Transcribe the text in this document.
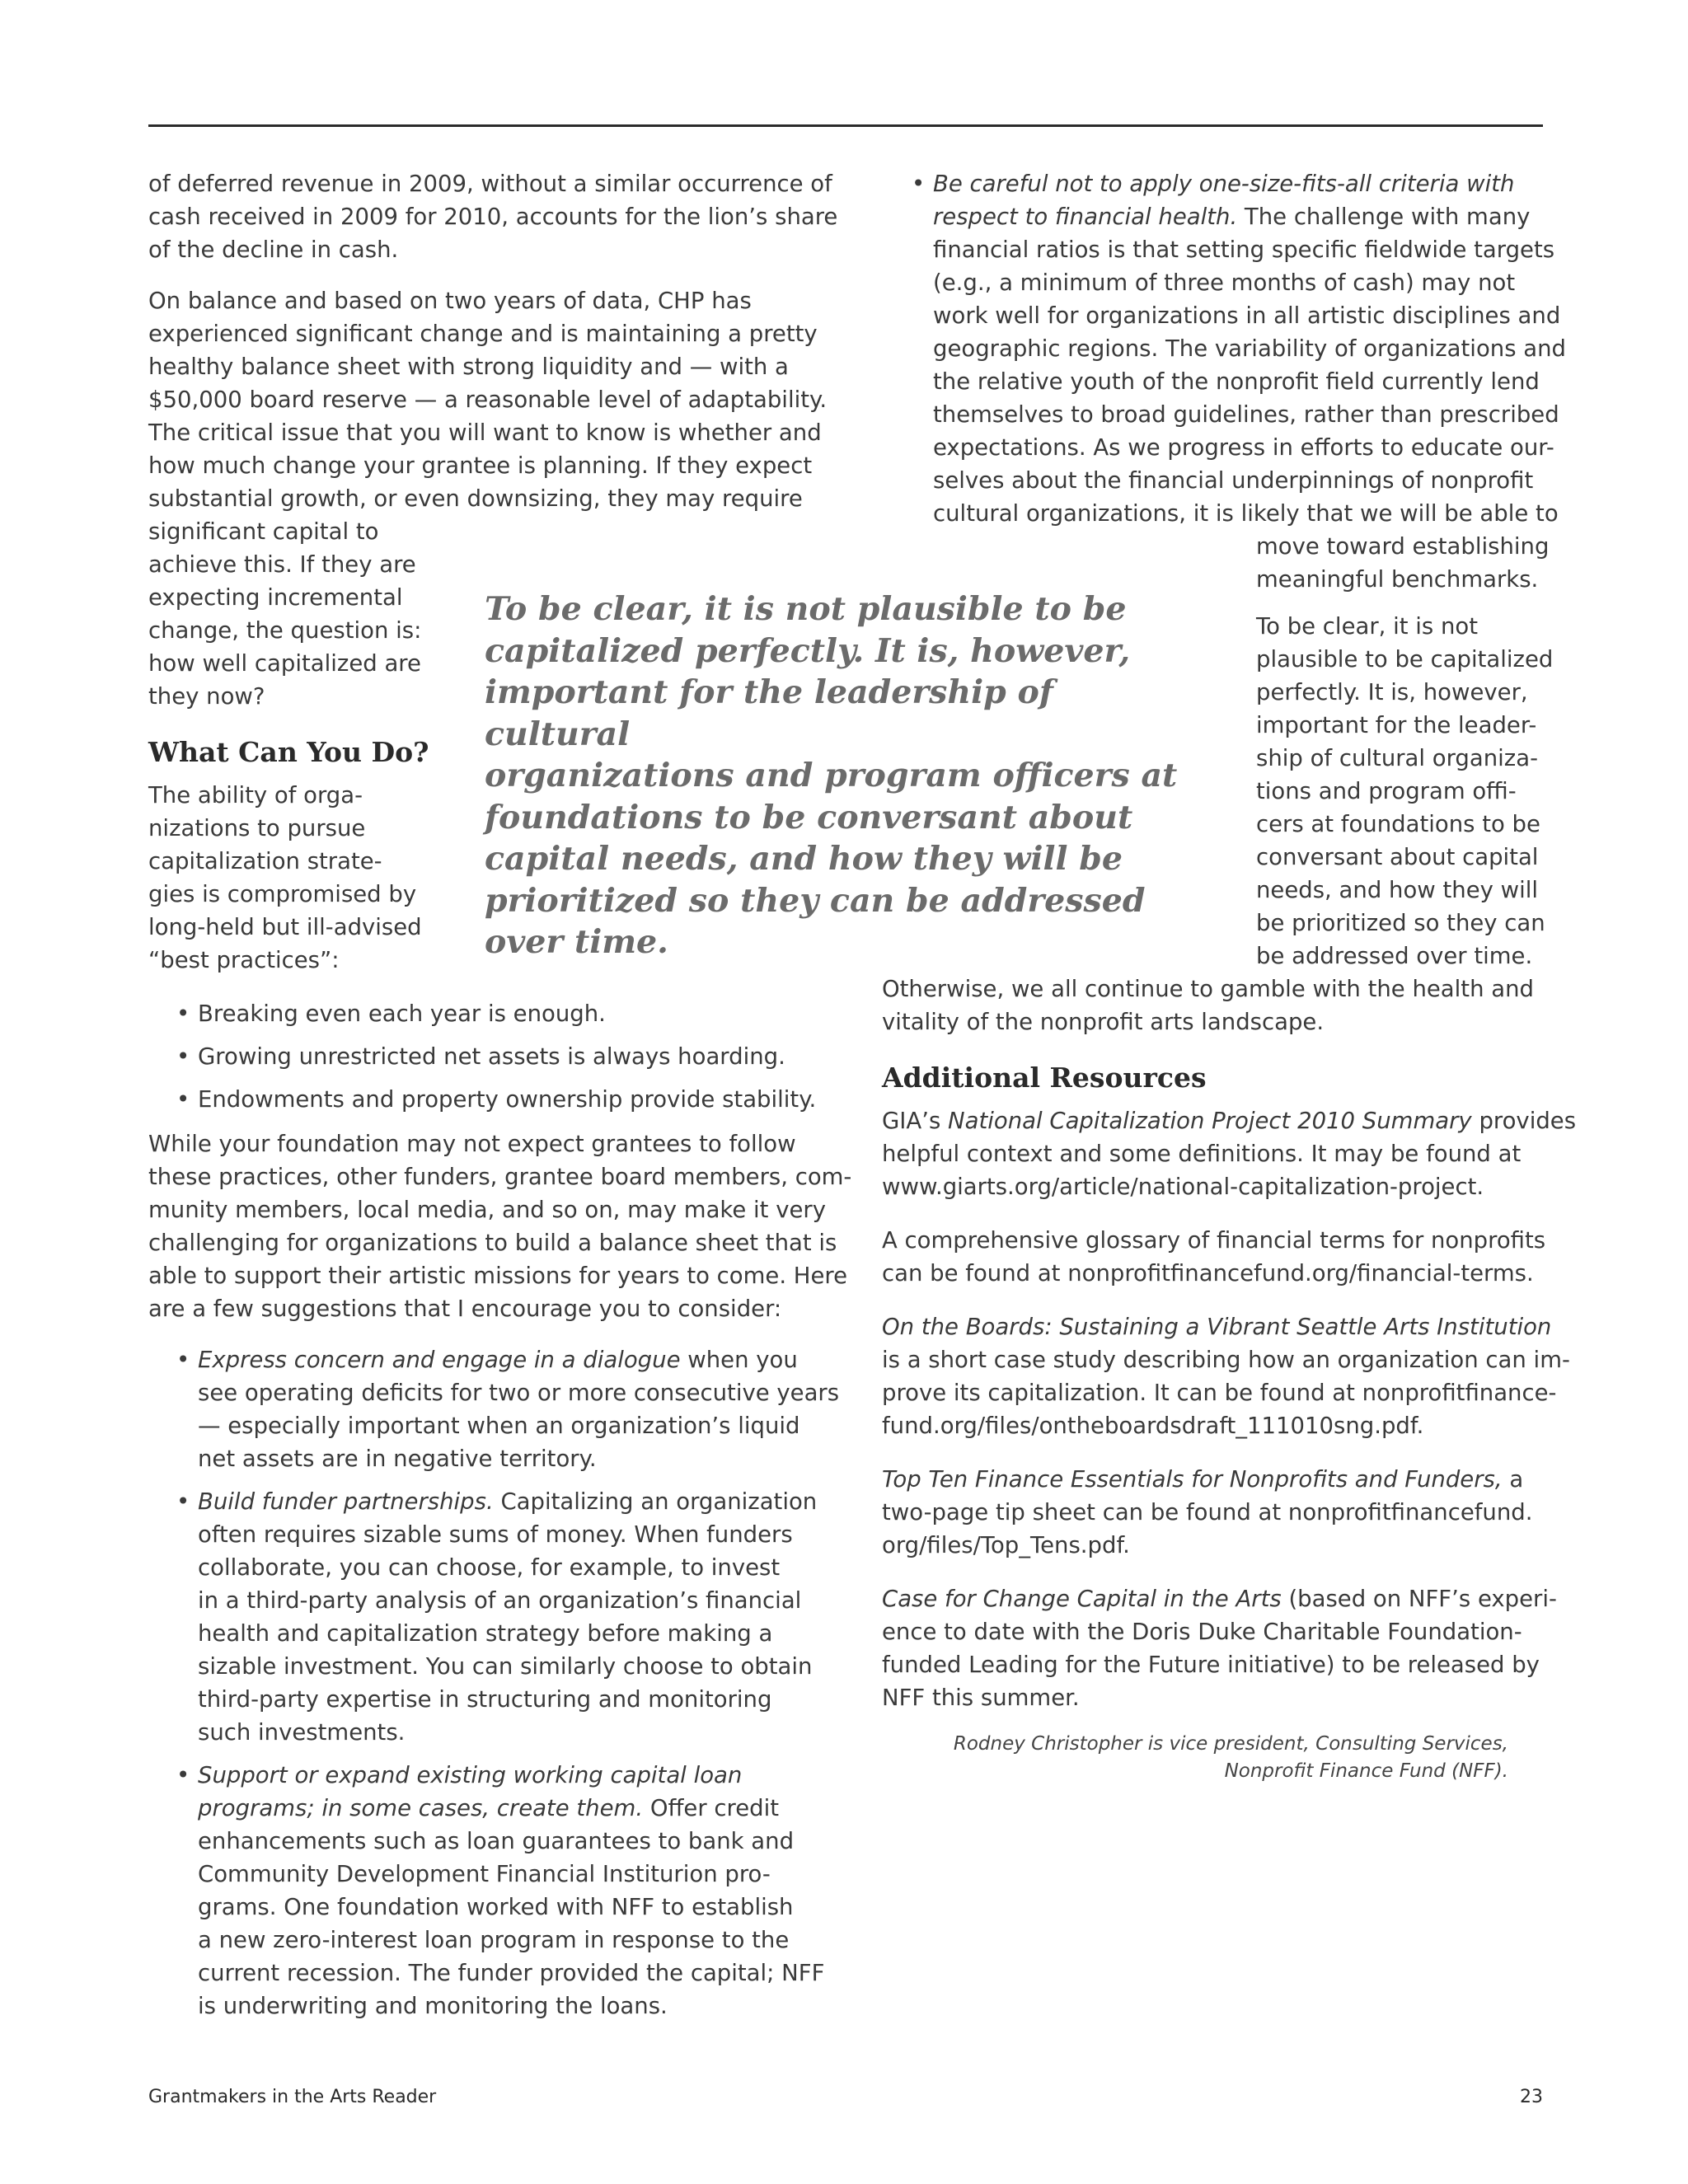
of deferred revenue in 2009, without a similar occurrence of
cash received in 2009 for 2010, accounts for the lion’s share
of the decline in cash.
On balance and based on two years of data, CHP has
experienced significant change and is maintaining a pretty
healthy balance sheet with strong liquidity and — with a
$50,000 board reserve — a reasonable level of adaptability.
The critical issue that you will want to know is whether and
how much change your grantee is planning. If they expect
substantial growth, or even downsizing, they may require
significant capital to
achieve this. If they are
expecting incremental
change, the question is:
how well capitalized are
they now?
What Can You Do?
The ability of orga-
nizations to pursue
capitalization strate-
gies is compromised by
long-held but ill-advised
“best practices”:
• Breaking even each year is enough.
• Growing unrestricted net assets is always hoarding.
• Endowments and property ownership provide stability.
While your foundation may not expect grantees to follow
these practices, other funders, grantee board members, com-
munity members, local media, and so on, may make it very
challenging for organizations to build a balance sheet that is
able to support their artistic missions for years to come. Here
are a few suggestions that I encourage you to consider:
• Express concern and engage in a dialogue when you
see operating deficits for two or more consecutive years
— especially important when an organization’s liquid
net assets are in negative territory.
• Build funder partnerships. Capitalizing an organization
often requires sizable sums of money. When funders
collaborate, you can choose, for example, to invest
in a third-party analysis of an organization’s financial
health and capitalization strategy before making a
sizable investment. You can similarly choose to obtain
third-party expertise in structuring and monitoring
such investments.
• Support or expand existing working capital loan
programs; in some cases, create them. Offer credit
enhancements such as loan guarantees to bank and
Community Development Financial Institurion pro-
grams. One foundation worked with NFF to establish
a new zero-interest loan program in response to the
current recession. The funder provided the capital; NFF
is underwriting and monitoring the loans.
To be clear, it is not plausible to be
capitalized perfectly. It is, however,
important for the leadership of cultural
organizations and program officers at
foundations to be conversant about
capital needs, and how they will be
prioritized so they can be addressed
over time.
• Be careful not to apply one-size-fits-all criteria with
respect to financial health. The challenge with many
financial ratios is that setting specific fieldwide targets
(e.g., a minimum of three months of cash) may not
work well for organizations in all artistic disciplines and
geographic regions. The variability of organizations and
the relative youth of the nonprofit field currently lend
themselves to broad guidelines, rather than prescribed
expectations. As we progress in efforts to educate our-
selves about the financial underpinnings of nonprofit
cultural organizations, it is likely that we will be able to
move toward establishing
meaningful benchmarks.
To be clear, it is not
plausible to be capitalized
perfectly. It is, however,
important for the leader-
ship of cultural organiza-
tions and program offi-
cers at foundations to be
conversant about capital
needs, and how they will
be prioritized so they can
be addressed over time.
Otherwise, we all continue to gamble with the health and
vitality of the nonprofit arts landscape.
Additional Resources
GIA’s National Capitalization Project 2010 Summary provides
helpful context and some definitions. It may be found at
www.giarts.org/article/national-capitalization-project.
A comprehensive glossary of financial terms for nonprofits
can be found at nonprofitfinancefund.org/financial-terms.
On the Boards: Sustaining a Vibrant Seattle Arts Institution
is a short case study describing how an organization can im-
prove its capitalization. It can be found at nonprofitfinance-
fund.org/files/ontheboardsdraft_111010sng.pdf.
Top Ten Finance Essentials for Nonprofits and Funders, a
two-page tip sheet can be found at nonprofitfinancefund.
org/files/Top_Tens.pdf.
Case for Change Capital in the Arts (based on NFF’s experi-
ence to date with the Doris Duke Charitable Foundation-
funded Leading for the Future initiative) to be released by
NFF this summer.
Rodney Christopher is vice president, Consulting Services,
Nonprofit Finance Fund (NFF).
Grantmakers in the Arts Reader	23
